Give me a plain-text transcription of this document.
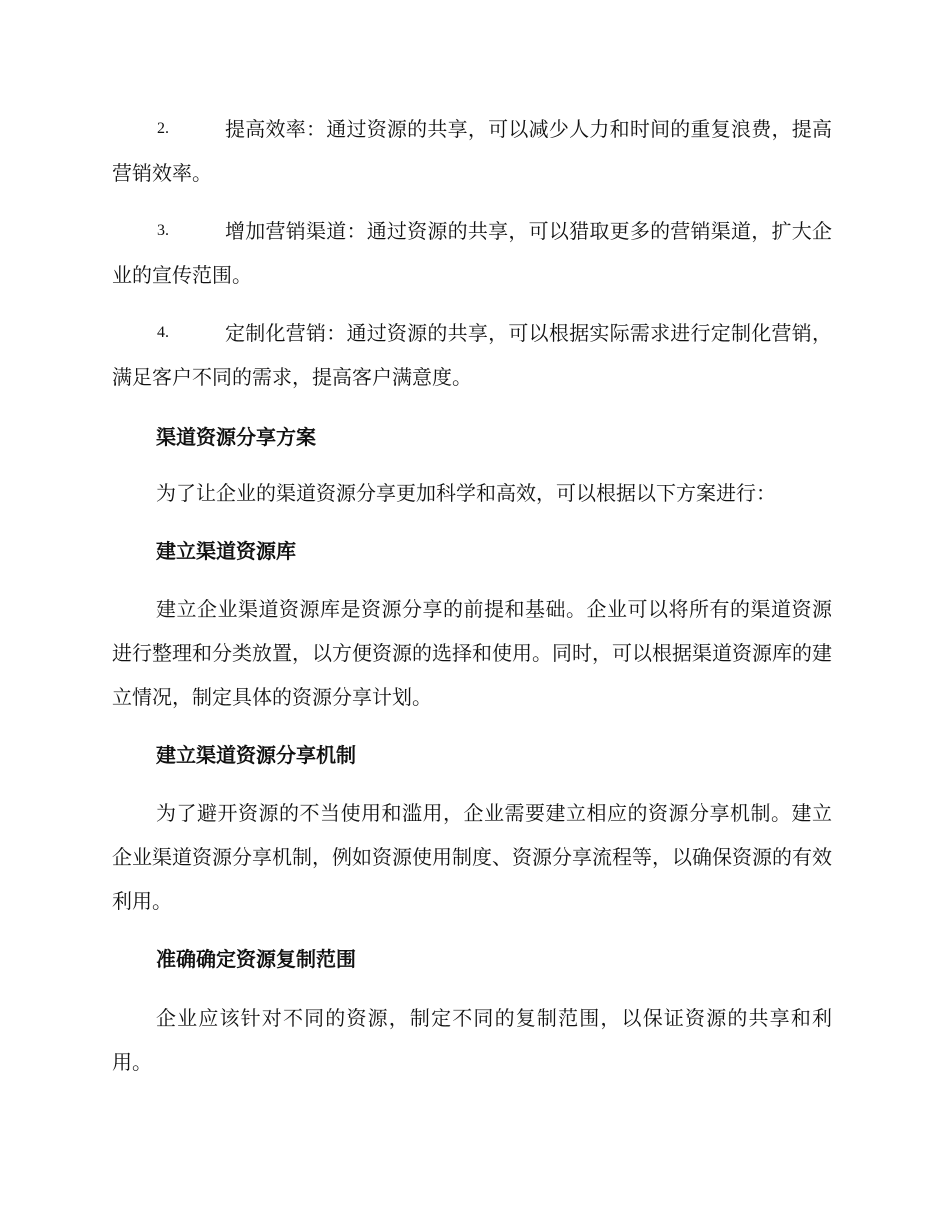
2.	提高效率：通过资源的共享，可以减少人力和时间的重复浪费，提高营销效率。
3.	增加营销渠道：通过资源的共享，可以猎取更多的营销渠道，扩大企业的宣传范围。
4.	定制化营销：通过资源的共享，可以根据实际需求进行定制化营销，满足客户不同的需求，提高客户满意度。
渠道资源分享方案
为了让企业的渠道资源分享更加科学和高效，可以根据以下方案进行：
建立渠道资源库
建立企业渠道资源库是资源分享的前提和基础。企业可以将所有的渠道资源进行整理和分类放置，以方便资源的选择和使用。同时，可以根据渠道资源库的建立情况，制定具体的资源分享计划。
建立渠道资源分享机制
为了避开资源的不当使用和滥用，企业需要建立相应的资源分享机制。建立企业渠道资源分享机制，例如资源使用制度、资源分享流程等，以确保资源的有效利用。
准确确定资源复制范围
企业应该针对不同的资源，制定不同的复制范围，以保证资源的共享和利用。
